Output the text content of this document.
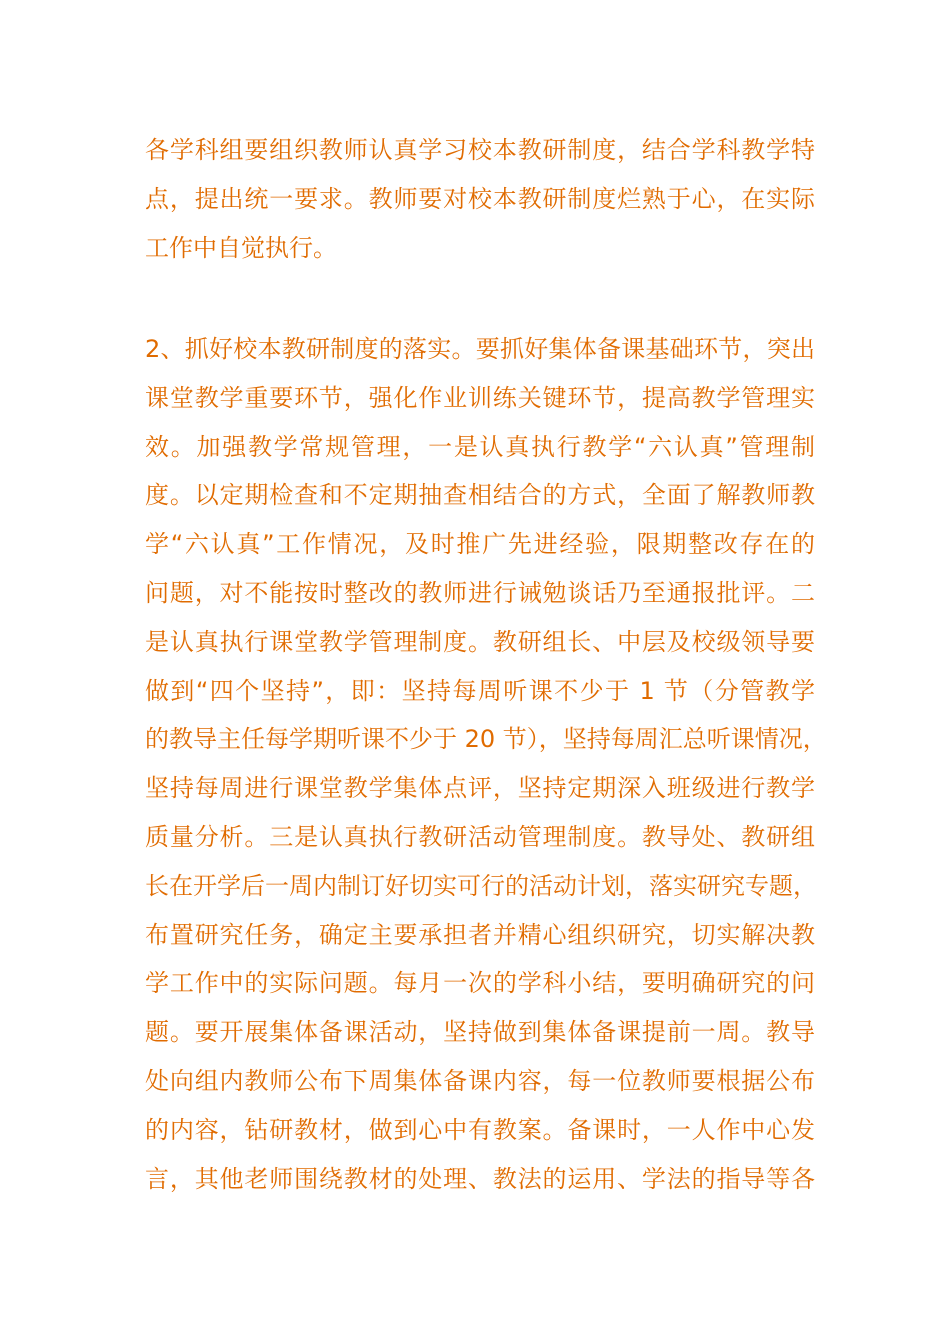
各学科组要组织教师认真学习校本教研制度，结合学科教学特
点，提出统一要求。教师要对校本教研制度烂熟于心，在实际
工作中自觉执行。
2、抓好校本教研制度的落实。要抓好集体备课基础环节，突出
课堂教学重要环节，强化作业训练关键环节，提高教学管理实
效。加强教学常规管理，一是认真执行教学“六认真”管理制
度。以定期检查和不定期抽查相结合的方式，全面了解教师教
学“六认真”工作情况，及时推广先进经验，限期整改存在的
问题，对不能按时整改的教师进行诫勉谈话乃至通报批评。二
是认真执行课堂教学管理制度。教研组长、中层及校级领导要
做到“四个坚持”，即：坚持每周听课不少于 1 节（分管教学
的教导主任每学期听课不少于 20 节），坚持每周汇总听课情况，
坚持每周进行课堂教学集体点评，坚持定期深入班级进行教学
质量分析。三是认真执行教研活动管理制度。教导处、教研组
长在开学后一周内制订好切实可行的活动计划，落实研究专题，
布置研究任务，确定主要承担者并精心组织研究，切实解决教
学工作中的实际问题。每月一次的学科小结，要明确研究的问
题。要开展集体备课活动，坚持做到集体备课提前一周。教导
处向组内教师公布下周集体备课内容，每一位教师要根据公布
的内容，钻研教材，做到心中有教案。备课时，一人作中心发
言，其他老师围绕教材的处理、教法的运用、学法的指导等各
